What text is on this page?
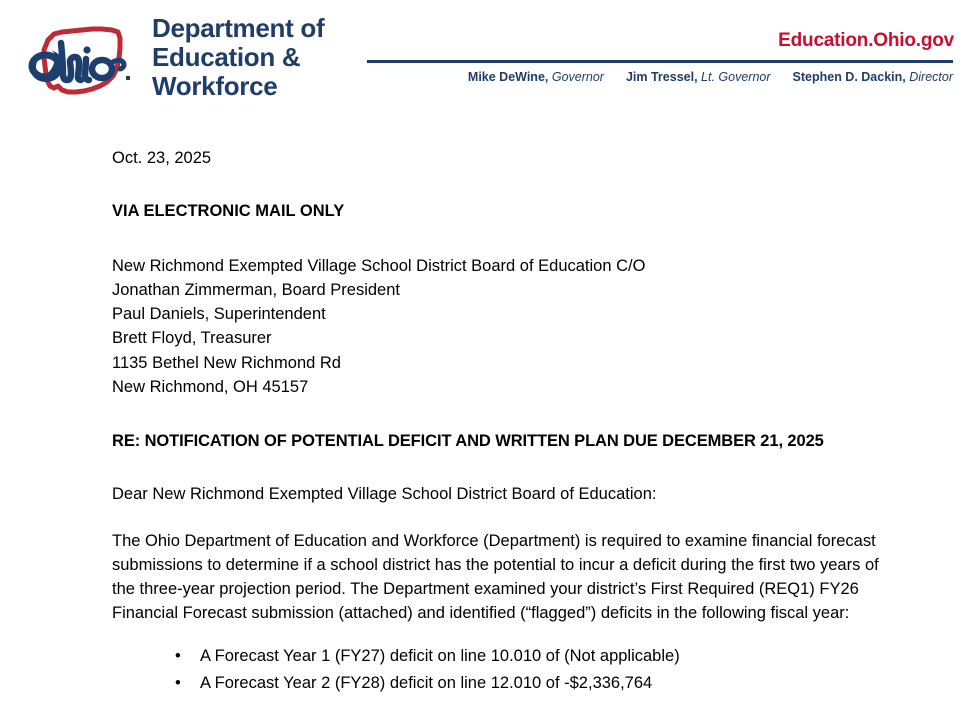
Department of
Education &
Workforce
Education.Ohio.gov
Mike DeWine, Governor Jim Tressel, Lt. Governor Stephen D. Dackin, Director

Oct. 23, 2025

VIA ELECTRONIC MAIL ONLY

New Richmond Exempted Village School District Board of Education C/O
Jonathan Zimmerman, Board President
Paul Daniels, Superintendent
Brett Floyd, Treasurer
1135 Bethel New Richmond Rd
New Richmond, OH 45157

RE: NOTIFICATION OF POTENTIAL DEFICIT AND WRITTEN PLAN DUE DECEMBER 21, 2025

Dear New Richmond Exempted Village School District Board of Education:

The Ohio Department of Education and Workforce (Department) is required to examine financial forecast submissions to determine if a school district has the potential to incur a deficit during the first two years of the three-year projection period. The Department examined your district’s First Required (REQ1) FY26 Financial Forecast submission (attached) and identified (“flagged”) deficits in the following fiscal year:

• A Forecast Year 1 (FY27) deficit on line 10.010 of (Not applicable)
• A Forecast Year 2 (FY28) deficit on line 12.010 of -$2,336,764
